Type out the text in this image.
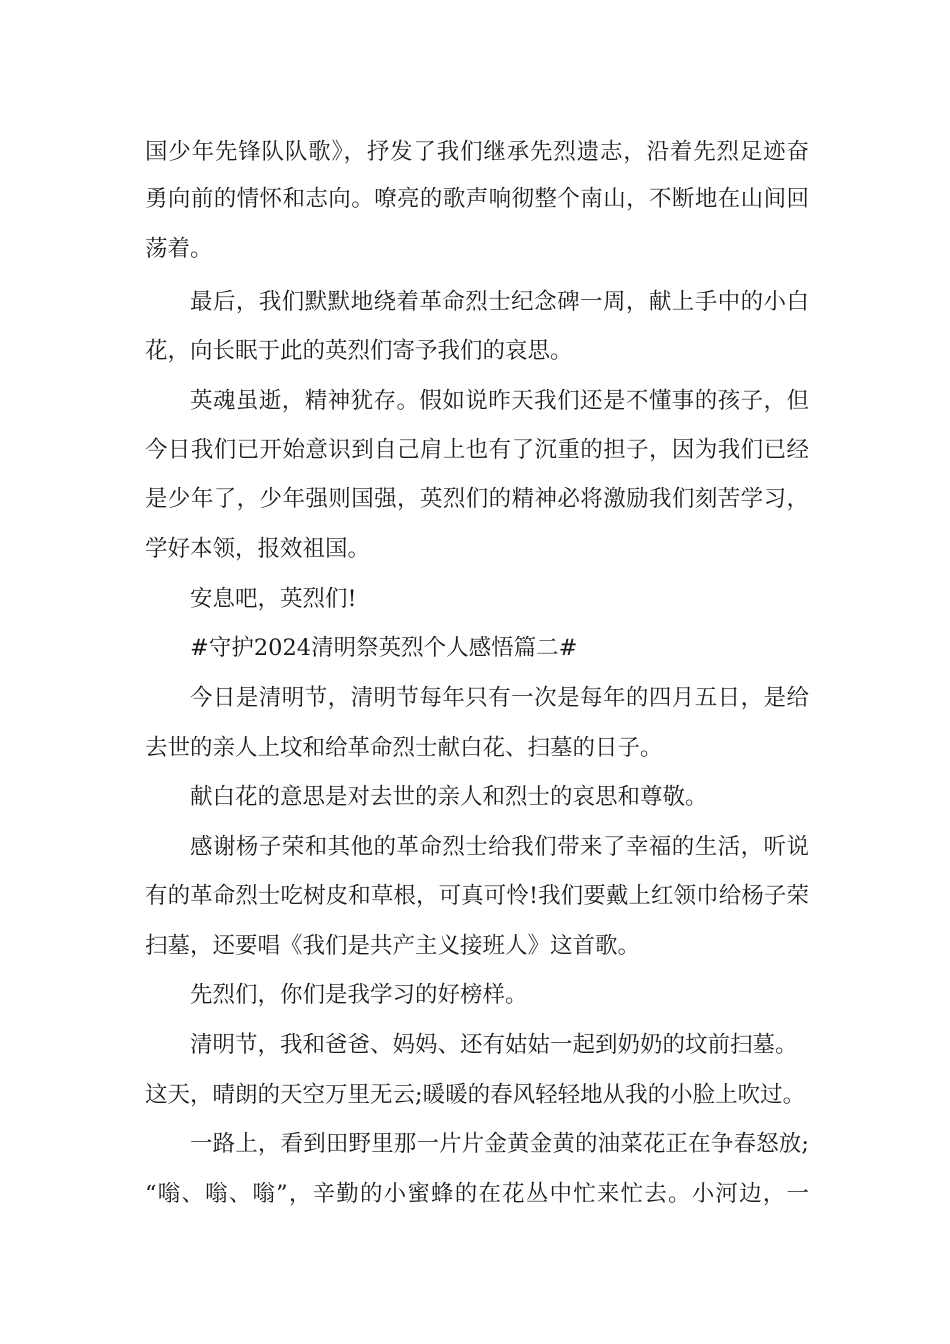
国少年先锋队队歌》，抒发了我们继承先烈遗志，沿着先烈足迹奋
勇向前的情怀和志向。嘹亮的歌声响彻整个南山，不断地在山间回
荡着。
最后，我们默默地绕着革命烈士纪念碑一周，献上手中的小白
花，向长眠于此的英烈们寄予我们的哀思。
英魂虽逝，精神犹存。假如说昨天我们还是不懂事的孩子，但
今日我们已开始意识到自己肩上也有了沉重的担子，因为我们已经
是少年了，少年强则国强，英烈们的精神必将激励我们刻苦学习，
学好本领，报效祖国。
安息吧，英烈们!
#守护2024清明祭英烈个人感悟篇二#
今日是清明节，清明节每年只有一次是每年的四月五日，是给
去世的亲人上坟和给革命烈士献白花、扫墓的日子。
献白花的意思是对去世的亲人和烈士的哀思和尊敬。
感谢杨子荣和其他的革命烈士给我们带来了幸福的生活，听说
有的革命烈士吃树皮和草根，可真可怜!我们要戴上红领巾给杨子荣
扫墓，还要唱《我们是共产主义接班人》这首歌。
先烈们，你们是我学习的好榜样。
清明节，我和爸爸、妈妈、还有姑姑一起到奶奶的坟前扫墓。
这天，晴朗的天空万里无云;暖暖的春风轻轻地从我的小脸上吹过。
一路上，看到田野里那一片片金黄金黄的油菜花正在争春怒放;
“嗡、嗡、嗡”，辛勤的小蜜蜂的在花丛中忙来忙去。小河边，一
